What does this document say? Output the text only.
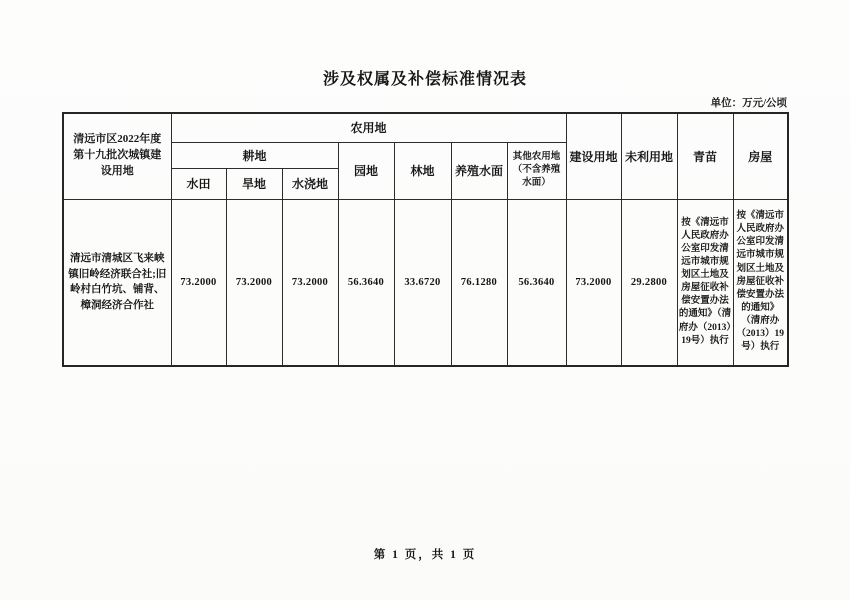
涉及权属及补偿标准情况表
单位：万元/公顷
清远市区2022年度第十九批次城镇建设用地	农用地							建设用地	未利用地	青苗	房屋
	耕地			园地	林地	养殖水面	其他农用地（不含养殖水面）				
	水田	旱地	水浇地								
清远市清城区飞来峡镇旧岭经济联合社;旧岭村白竹坑、铺背、樟洞经济合作社	73.2000	73.2000	73.2000	56.3640	33.6720	76.1280	56.3640	73.2000	29.2800	按《清远市人民政府办公室印发清远市城市规划区土地及房屋征收补偿安置办法的通知》（清府办（2013）19号）执行	按《清远市人民政府办公室印发清远市城市规划区土地及房屋征收补偿安置办法的通知》（清府办（2013）19号）执行
第 1 页，共 1 页
